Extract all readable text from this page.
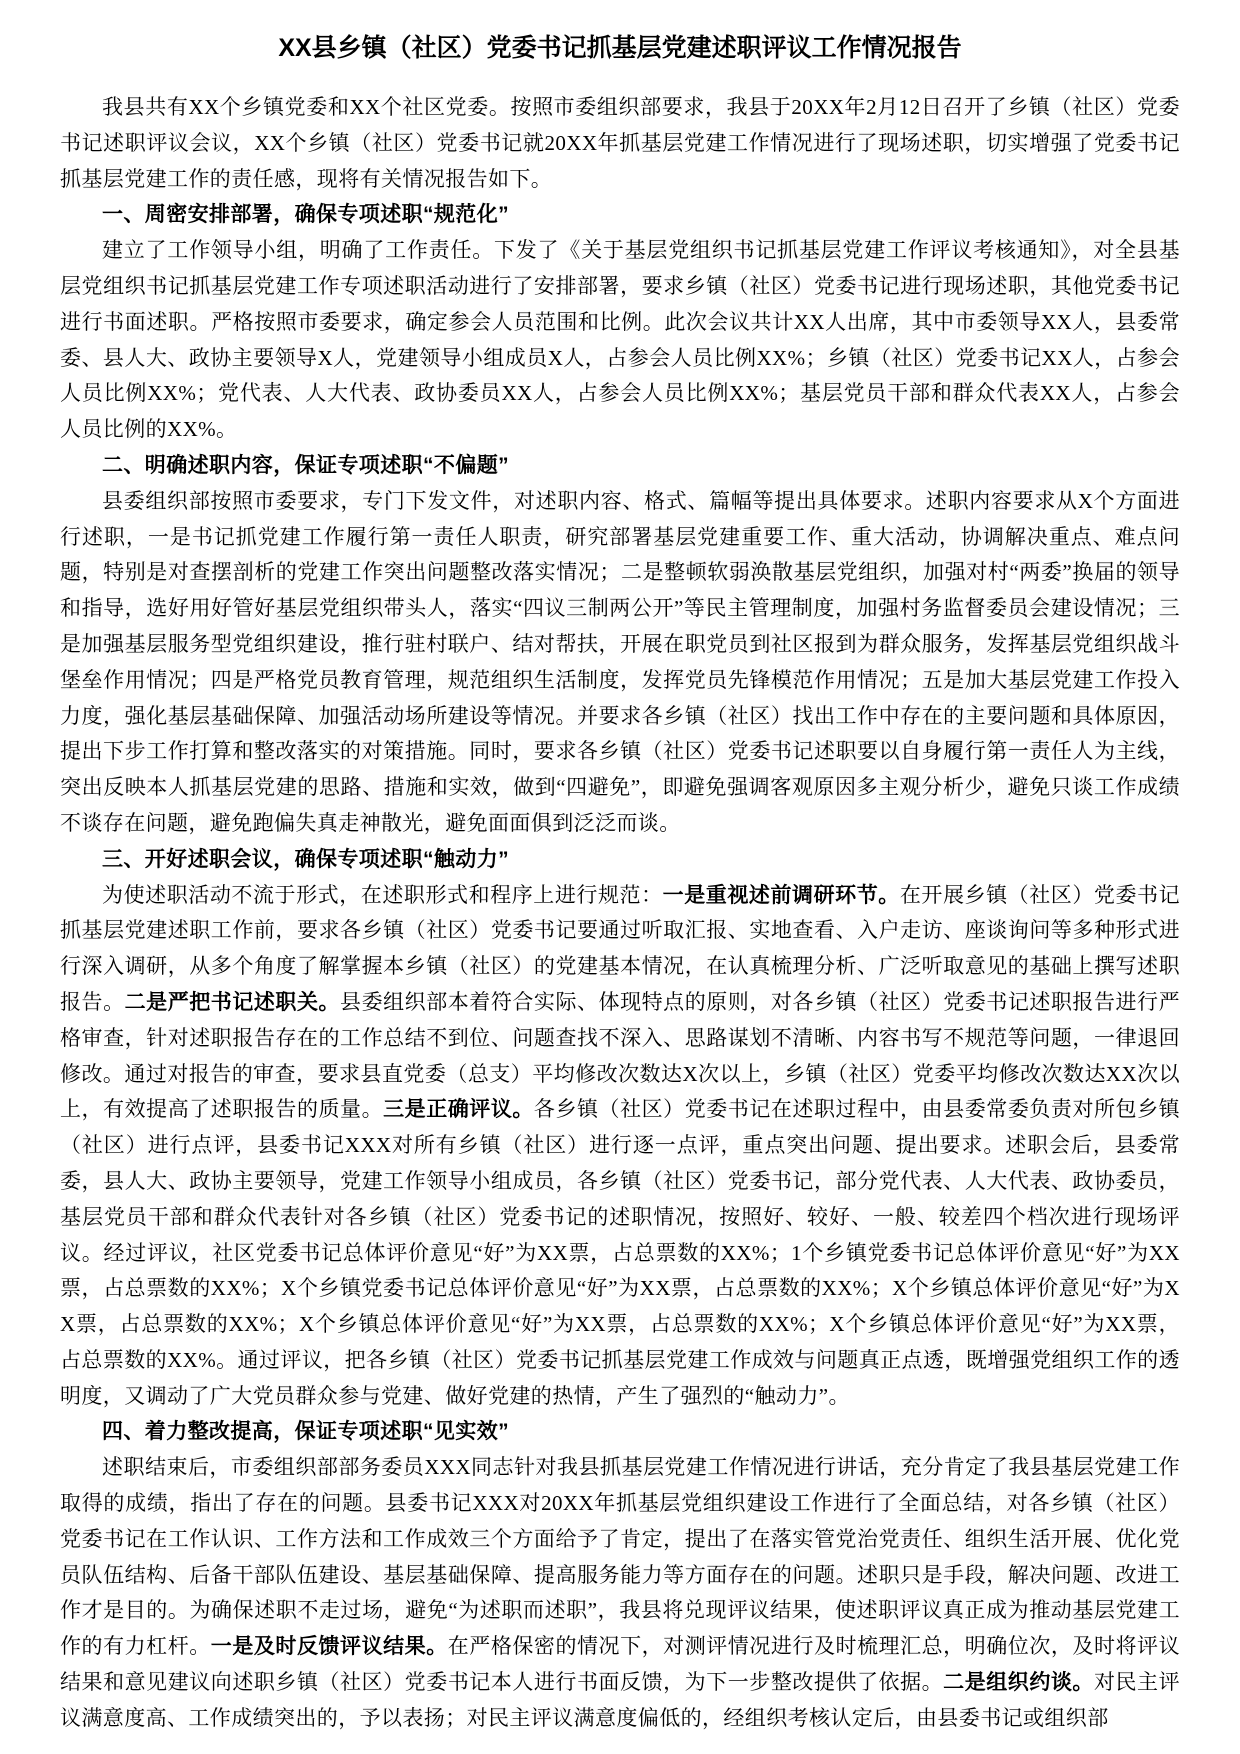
XX县乡镇（社区）党委书记抓基层党建述职评议工作情况报告

我县共有XX个乡镇党委和XX个社区党委。按照市委组织部要求，我县于20XX年2月12日召开了乡镇（社区）党委书记述职评议会议，XX个乡镇（社区）党委书记就20XX年抓基层党建工作情况进行了现场述职，切实增强了党委书记抓基层党建工作的责任感，现将有关情况报告如下。

一、周密安排部署，确保专项述职“规范化”

建立了工作领导小组，明确了工作责任。下发了《关于基层党组织书记抓基层党建工作评议考核通知》，对全县基层党组织书记抓基层党建工作专项述职活动进行了安排部署，要求乡镇（社区）党委书记进行现场述职，其他党委书记进行书面述职。严格按照市委要求，确定参会人员范围和比例。此次会议共计XX人出席，其中市委领导XX人，县委常委、县人大、政协主要领导X人，党建领导小组成员X人，占参会人员比例XX%；乡镇（社区）党委书记XX人，占参会人员比例XX%；党代表、人大代表、政协委员XX人，占参会人员比例XX%；基层党员干部和群众代表XX人，占参会人员比例的XX%。

二、明确述职内容，保证专项述职“不偏题”

县委组织部按照市委要求，专门下发文件，对述职内容、格式、篇幅等提出具体要求。述职内容要求从X个方面进行述职，一是书记抓党建工作履行第一责任人职责，研究部署基层党建重要工作、重大活动，协调解决重点、难点问题，特别是对查摆剖析的党建工作突出问题整改落实情况；二是整顿软弱涣散基层党组织，加强对村“两委”换届的领导和指导，选好用好管好基层党组织带头人，落实“四议三制两公开”等民主管理制度，加强村务监督委员会建设情况；三是加强基层服务型党组织建设，推行驻村联户、结对帮扶，开展在职党员到社区报到为群众服务，发挥基层党组织战斗堡垒作用情况；四是严格党员教育管理，规范组织生活制度，发挥党员先锋模范作用情况；五是加大基层党建工作投入力度，强化基层基础保障、加强活动场所建设等情况。并要求各乡镇（社区）找出工作中存在的主要问题和具体原因，提出下步工作打算和整改落实的对策措施。同时，要求各乡镇（社区）党委书记述职要以自身履行第一责任人为主线，突出反映本人抓基层党建的思路、措施和实效，做到“四避免”，即避免强调客观原因多主观分析少，避免只谈工作成绩不谈存在问题，避免跑偏失真走神散光，避免面面俱到泛泛而谈。

三、开好述职会议，确保专项述职“触动力”

为使述职活动不流于形式，在述职形式和程序上进行规范：一是重视述前调研环节。在开展乡镇（社区）党委书记抓基层党建述职工作前，要求各乡镇（社区）党委书记要通过听取汇报、实地查看、入户走访、座谈询问等多种形式进行深入调研，从多个角度了解掌握本乡镇（社区）的党建基本情况，在认真梳理分析、广泛听取意见的基础上撰写述职报告。二是严把书记述职关。县委组织部本着符合实际、体现特点的原则，对各乡镇（社区）党委书记述职报告进行严格审查，针对述职报告存在的工作总结不到位、问题查找不深入、思路谋划不清晰、内容书写不规范等问题，一律退回修改。通过对报告的审查，要求县直党委（总支）平均修改次数达X次以上，乡镇（社区）党委平均修改次数达XX次以上，有效提高了述职报告的质量。三是正确评议。各乡镇（社区）党委书记在述职过程中，由县委常委负责对所包乡镇（社区）进行点评，县委书记XXX对所有乡镇（社区）进行逐一点评，重点突出问题、提出要求。述职会后，县委常委，县人大、政协主要领导，党建工作领导小组成员，各乡镇（社区）党委书记，部分党代表、人大代表、政协委员，基层党员干部和群众代表针对各乡镇（社区）党委书记的述职情况，按照好、较好、一般、较差四个档次进行现场评议。经过评议，社区党委书记总体评价意见“好”为XX票，占总票数的XX%；1个乡镇党委书记总体评价意见“好”为XX票，占总票数的XX%；X个乡镇党委书记总体评价意见“好”为XX票，占总票数的XX%；X个乡镇总体评价意见“好”为XX票，占总票数的XX%；X个乡镇总体评价意见“好”为XX票，占总票数的XX%；X个乡镇总体评价意见“好”为XX票，占总票数的XX%。通过评议，把各乡镇（社区）党委书记抓基层党建工作成效与问题真正点透，既增强党组织工作的透明度，又调动了广大党员群众参与党建、做好党建的热情，产生了强烈的“触动力”。

四、着力整改提高，保证专项述职“见实效”

述职结束后，市委组织部部务委员XXX同志针对我县抓基层党建工作情况进行讲话，充分肯定了我县基层党建工作取得的成绩，指出了存在的问题。县委书记XXX对20XX年抓基层党组织建设工作进行了全面总结，对各乡镇（社区）党委书记在工作认识、工作方法和工作成效三个方面给予了肯定，提出了在落实管党治党责任、组织生活开展、优化党员队伍结构、后备干部队伍建设、基层基础保障、提高服务能力等方面存在的问题。述职只是手段，解决问题、改进工作才是目的。为确保述职不走过场，避免“为述职而述职”，我县将兑现评议结果，使述职评议真正成为推动基层党建工作的有力杠杆。一是及时反馈评议结果。在严格保密的情况下，对测评情况进行及时梳理汇总，明确位次，及时将评议结果和意见建议向述职乡镇（社区）党委书记本人进行书面反馈，为下一步整改提供了依据。二是组织约谈。对民主评议满意度高、工作成绩突出的，予以表扬；对民主评议满意度偏低的，经组织考核认定后，由县委书记或组织部
